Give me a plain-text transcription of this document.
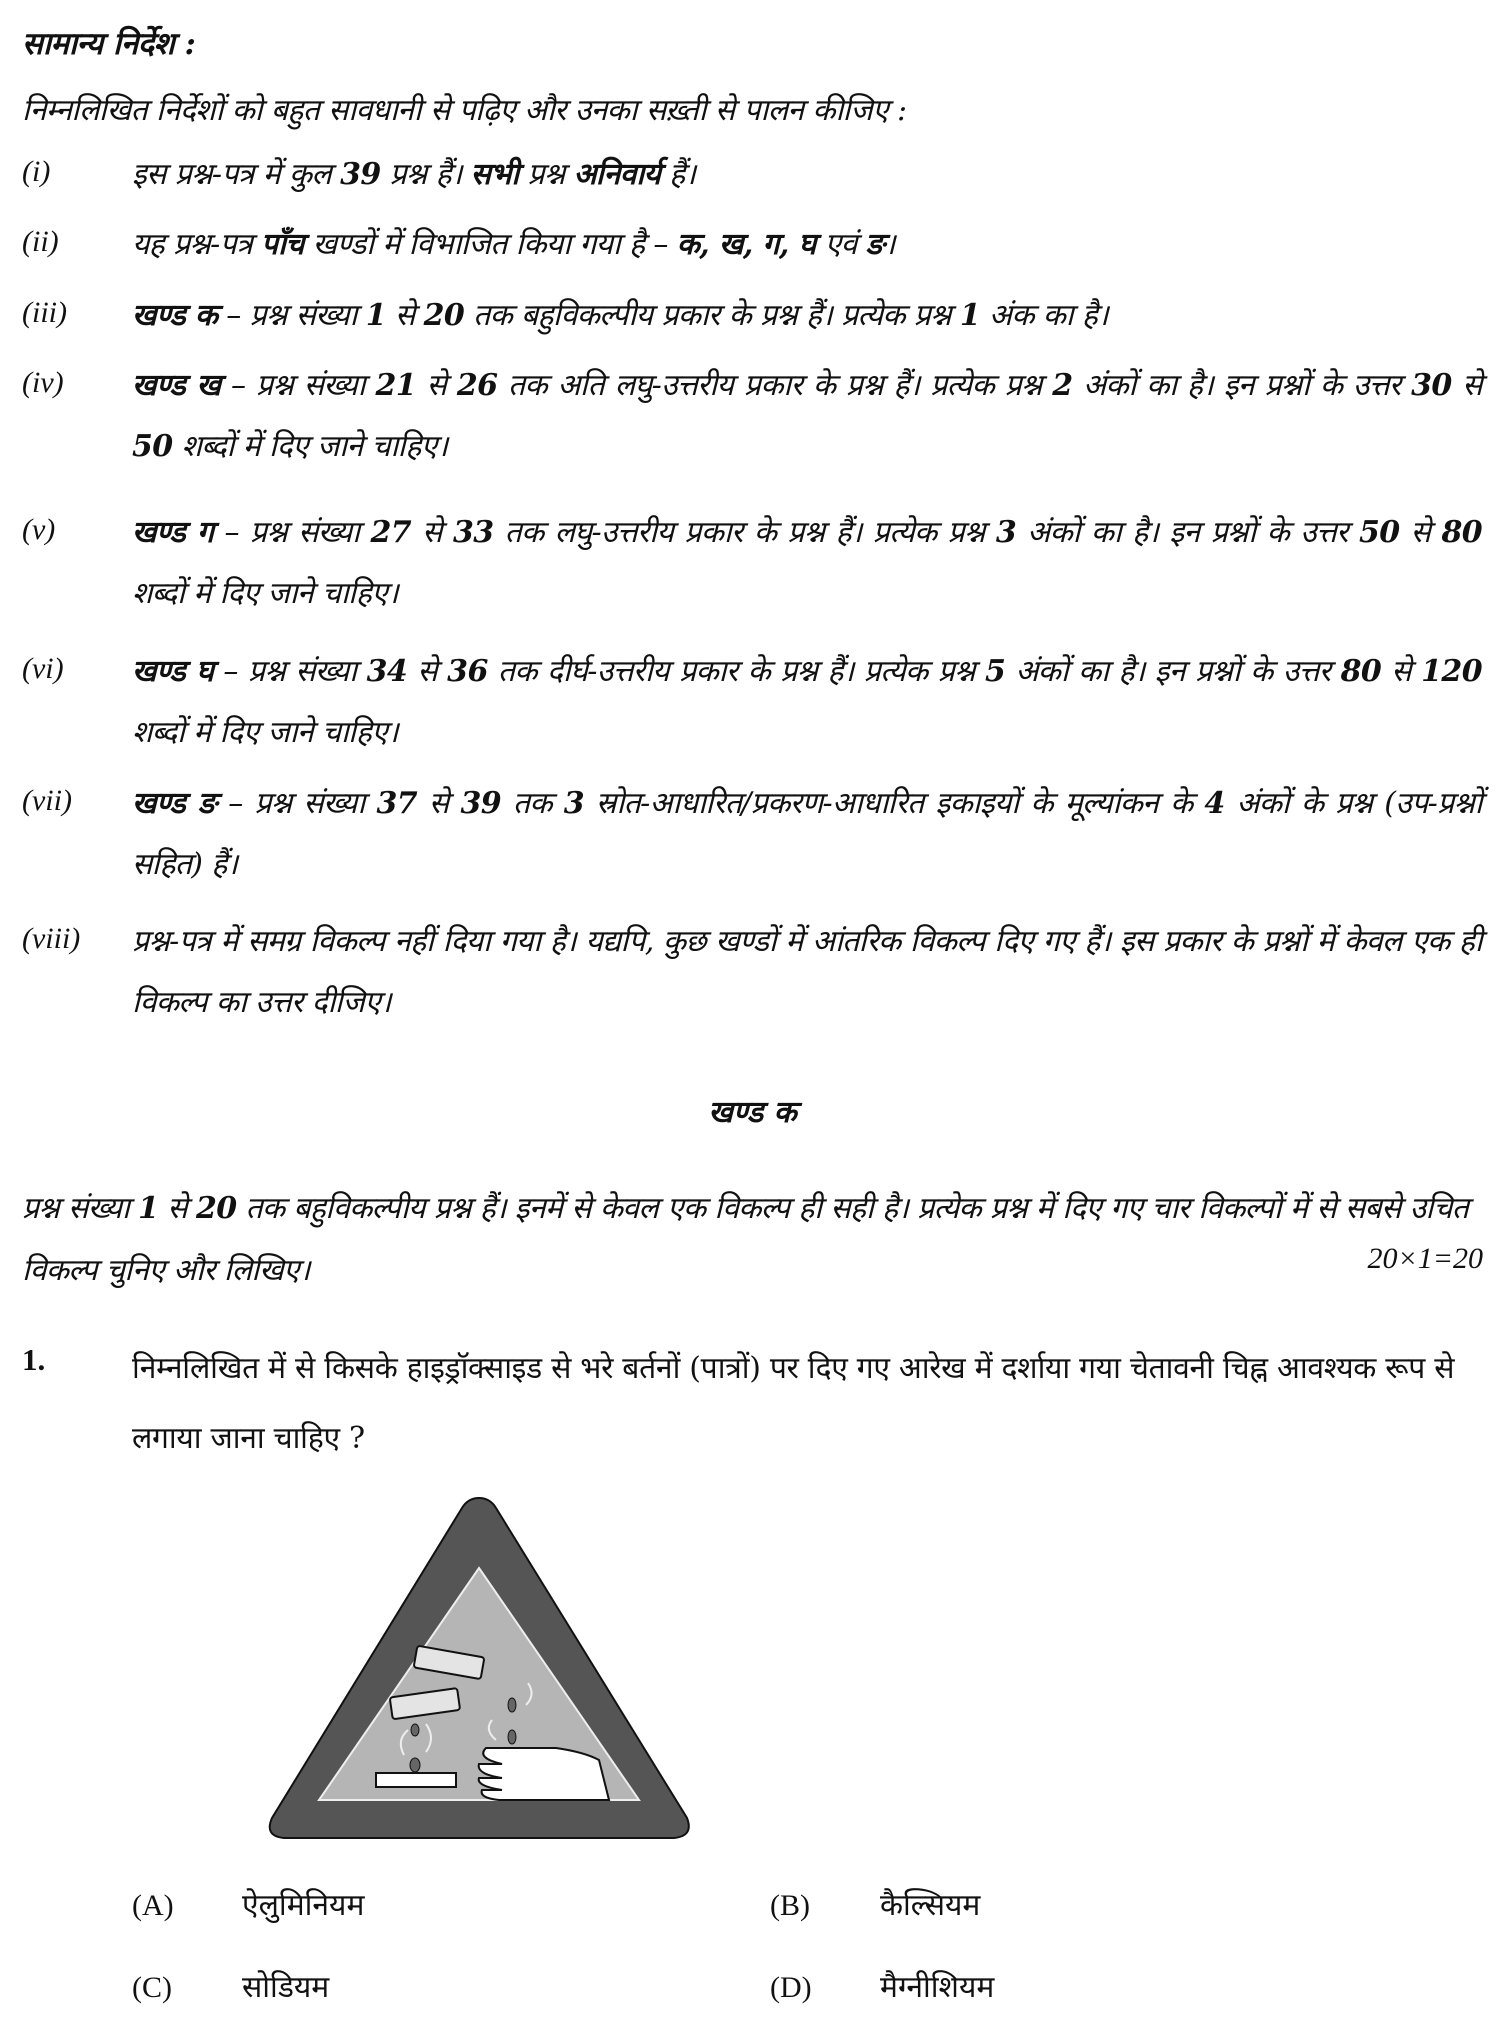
सामान्य निर्देश :
निम्नलिखित निर्देशों को बहुत सावधानी से पढ़िए और उनका सख़्ती से पालन कीजिए :
(i)	इस प्रश्न-पत्र में कुल 39 प्रश्न हैं। सभी प्रश्न अनिवार्य हैं।
(ii) यह प्रश्न-पत्र पाँच खण्डों में विभाजित किया गया है – क, ख, ग, घ एवं ङ।
(iii) खण्ड क – प्रश्न संख्या 1 से 20 तक बहुविकल्पीय प्रकार के प्रश्न हैं। प्रत्येक प्रश्न 1 अंक का है।
(iv) खण्ड ख – प्रश्न संख्या 21 से 26 तक अति लघु-उत्तरीय प्रकार के प्रश्न हैं। प्रत्येक प्रश्न 2 अंकों का है। इन प्रश्नों के उत्तर 30 से 50 शब्दों में दिए जाने चाहिए।
(v)	खण्ड ग – प्रश्न संख्या 27 से 33 तक लघु-उत्तरीय प्रकार के प्रश्न हैं। प्रत्येक प्रश्न 3 अंकों का है। इन प्रश्नों के उत्तर 50 से 80 शब्दों में दिए जाने चाहिए।
(vi) खण्ड घ – प्रश्न संख्या 34 से 36 तक दीर्घ-उत्तरीय प्रकार के प्रश्न हैं। प्रत्येक प्रश्न 5 अंकों का है। इन प्रश्नों के उत्तर 80 से 120 शब्दों में दिए जाने चाहिए।
(vii) खण्ड ङ – प्रश्न संख्या 37 से 39 तक 3 स्रोत-आधारित/प्रकरण-आधारित इकाइयों के मूल्यांकन के 4 अंकों के प्रश्न (उप-प्रश्नों सहित) हैं।
(viii) प्रश्न-पत्र में समग्र विकल्प नहीं दिया गया है। यद्यपि, कुछ खण्डों में आंतरिक विकल्प दिए गए हैं। इस प्रकार के प्रश्नों में केवल एक ही विकल्प का उत्तर दीजिए।
खण्ड क
प्रश्न संख्या 1 से 20 तक बहुविकल्पीय प्रश्न हैं। इनमें से केवल एक विकल्प ही सही है। प्रत्येक प्रश्न में दिए गए चार विकल्पों में से सबसे उचित विकल्प चुनिए और लिखिए।	20×1=20
1.	निम्नलिखित में से किसके हाइड्रॉक्साइड से भरे बर्तनों (पात्रों) पर दिए गए आरेख में दर्शाया गया चेतावनी चिह्न आवश्यक रूप से लगाया जाना चाहिए ?
(A) ऐलुमिनियम	(B) कैल्सियम
(C) सोडियम	(D) मैग्नीशियम
